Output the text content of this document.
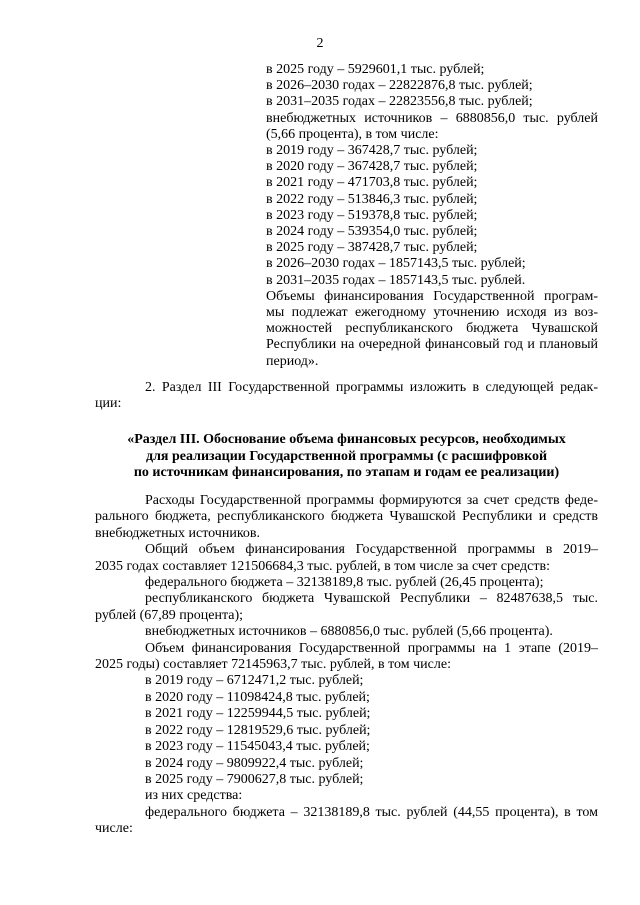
2
в 2025 году – 5929601,1 тыс. рублей;
в 2026–2030 годах – 22822876,8 тыс. рублей;
в 2031–2035 годах – 22823556,8 тыс. рублей;
внебюджетных источников – 6880856,0 тыс. рублей
(5,66 процента), в том числе:
в 2019 году – 367428,7 тыс. рублей;
в 2020 году – 367428,7 тыс. рублей;
в 2021 году – 471703,8 тыс. рублей;
в 2022 году – 513846,3 тыс. рублей;
в 2023 году – 519378,8 тыс. рублей;
в 2024 году – 539354,0 тыс. рублей;
в 2025 году – 387428,7 тыс. рублей;
в 2026–2030 годах – 1857143,5 тыс. рублей;
в 2031–2035 годах – 1857143,5 тыс. рублей.
Объемы финансирования Государственной програм-
мы подлежат ежегодному уточнению исходя из воз-
можностей республиканского бюджета Чувашской
Республики на очередной финансовый год и плановый
период».
2. Раздел III Государственной программы изложить в следующей редак-
ции:
«Раздел III. Обоснование объема финансовых ресурсов, необходимых
для реализации Государственной программы (с расшифровкой
по источникам финансирования, по этапам и годам ее реализации)
Расходы Государственной программы формируются за счет средств феде-
рального бюджета, республиканского бюджета Чувашской Республики и средств
внебюджетных источников.
Общий объем финансирования Государственной программы в 2019–
2035 годах составляет 121506684,3 тыс. рублей, в том числе за счет средств:
федерального бюджета – 32138189,8 тыс. рублей (26,45 процента);
республиканского бюджета Чувашской Республики – 82487638,5 тыс.
рублей (67,89 процента);
внебюджетных источников – 6880856,0 тыс. рублей (5,66 процента).
Объем финансирования Государственной программы на 1 этапе (2019–
2025 годы) составляет 72145963,7 тыс. рублей, в том числе:
в 2019 году – 6712471,2 тыс. рублей;
в 2020 году – 11098424,8 тыс. рублей;
в 2021 году – 12259944,5 тыс. рублей;
в 2022 году – 12819529,6 тыс. рублей;
в 2023 году – 11545043,4 тыс. рублей;
в 2024 году – 9809922,4 тыс. рублей;
в 2025 году – 7900627,8 тыс. рублей;
из них средства:
федерального бюджета – 32138189,8 тыс. рублей (44,55 процента), в том
числе:
